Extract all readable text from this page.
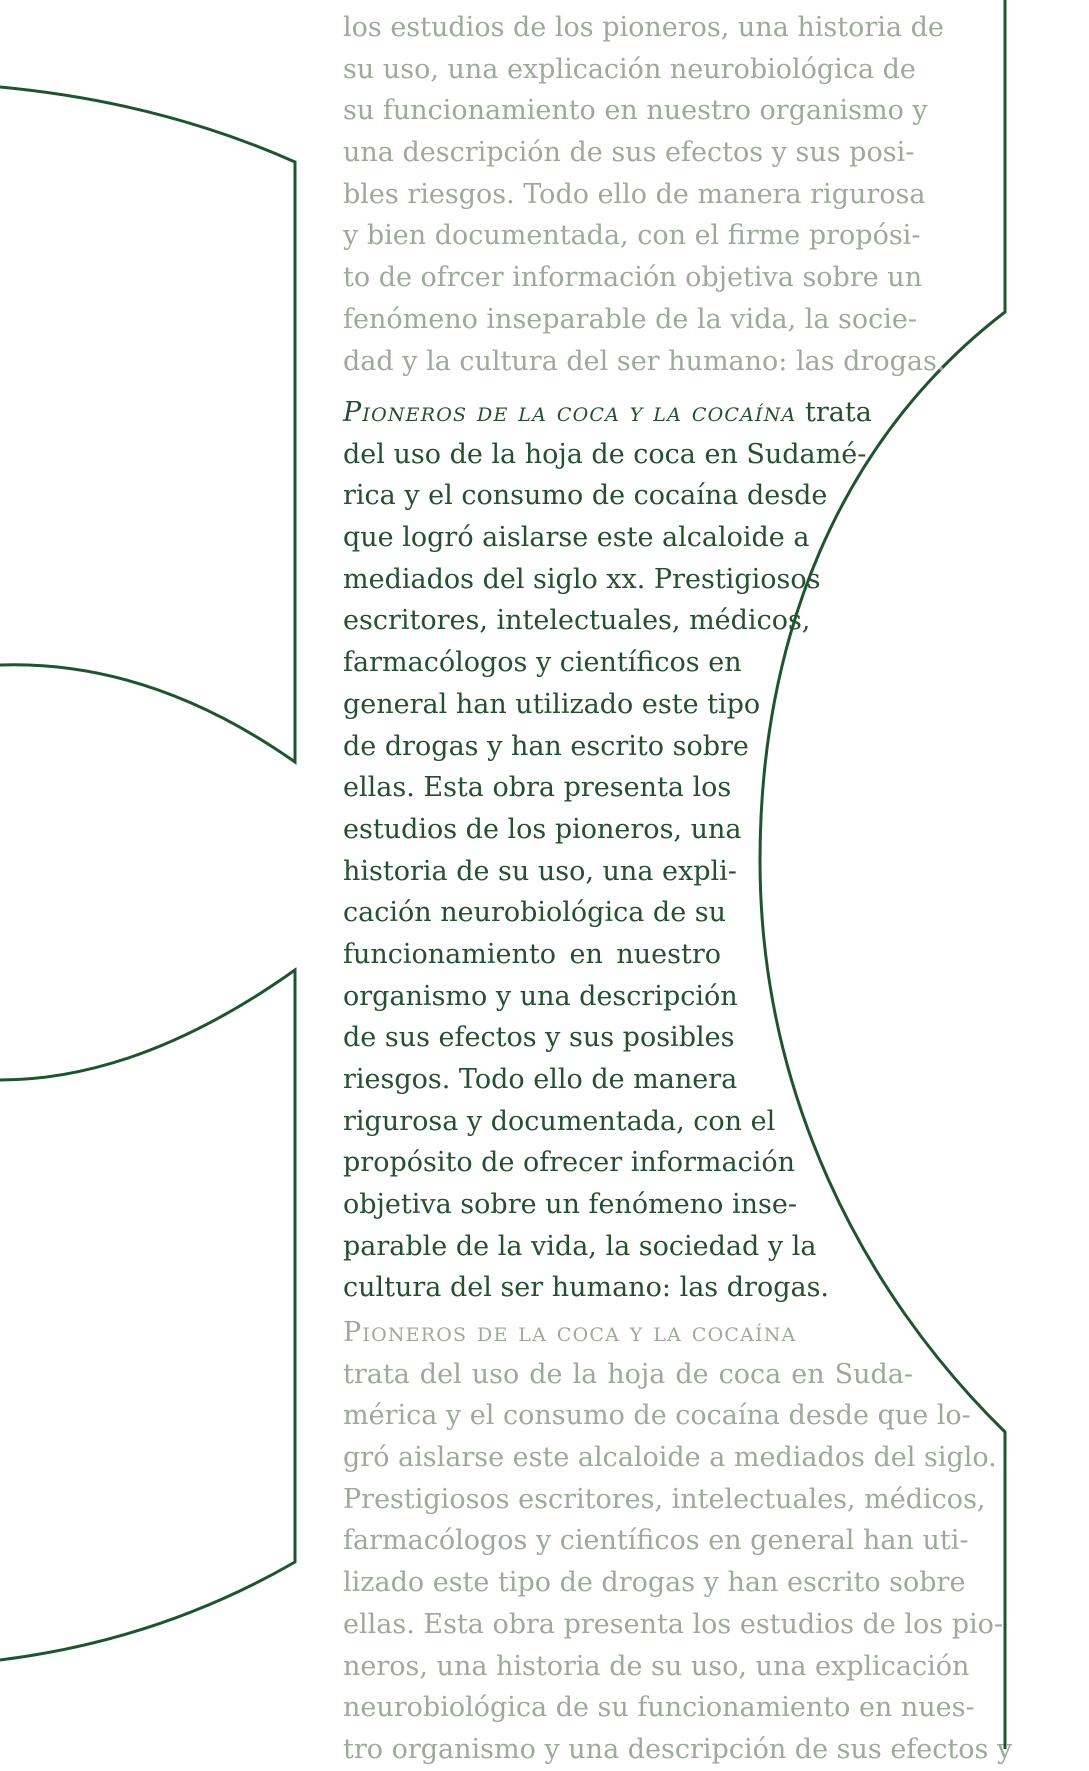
los estudios de los pioneros, una historia de
su uso, una explicación neurobiológica de
su funcionamiento en nuestro organismo y
una descripción de sus efectos y sus posi-
bles riesgos. Todo ello de manera rigurosa
y bien documentada, con el firme propósi-
to de ofrcer información objetiva sobre un
fenómeno inseparable de la vida, la socie-
dad y la cultura del ser humano: las drogas.
Pioneros de la coca y la cocaína trata
del uso de la hoja de coca en Sudamé-
rica y el consumo de cocaína desde
que logró aislarse este alcaloide a
mediados del siglo xx. Prestigiosos
escritores, intelectuales, médicos,
farmacólogos y científicos en
general han utilizado este tipo
de drogas y han escrito sobre
ellas. Esta obra presenta los
estudios de los pioneros, una
historia de su uso, una expli-
cación neurobiológica de su
funcionamiento en nuestro
organismo y una descripción
de sus efectos y sus posibles
riesgos. Todo ello de manera
rigurosa y documentada, con el
propósito de ofrecer información
objetiva sobre un fenómeno inse-
parable de la vida, la sociedad y la
cultura del ser humano: las drogas.
Pioneros de la coca y la cocaína
trata del uso de la hoja de coca en Suda-
mérica y el consumo de cocaína desde que lo-
gró aislarse este alcaloide a mediados del siglo.
Prestigiosos escritores, intelectuales, médicos,
farmacólogos y científicos en general han uti-
lizado este tipo de drogas y han escrito sobre
ellas. Esta obra presenta los estudios de los pio-
neros, una historia de su uso, una explicación
neurobiológica de su funcionamiento en nues-
tro organismo y una descripción de sus efectos y
